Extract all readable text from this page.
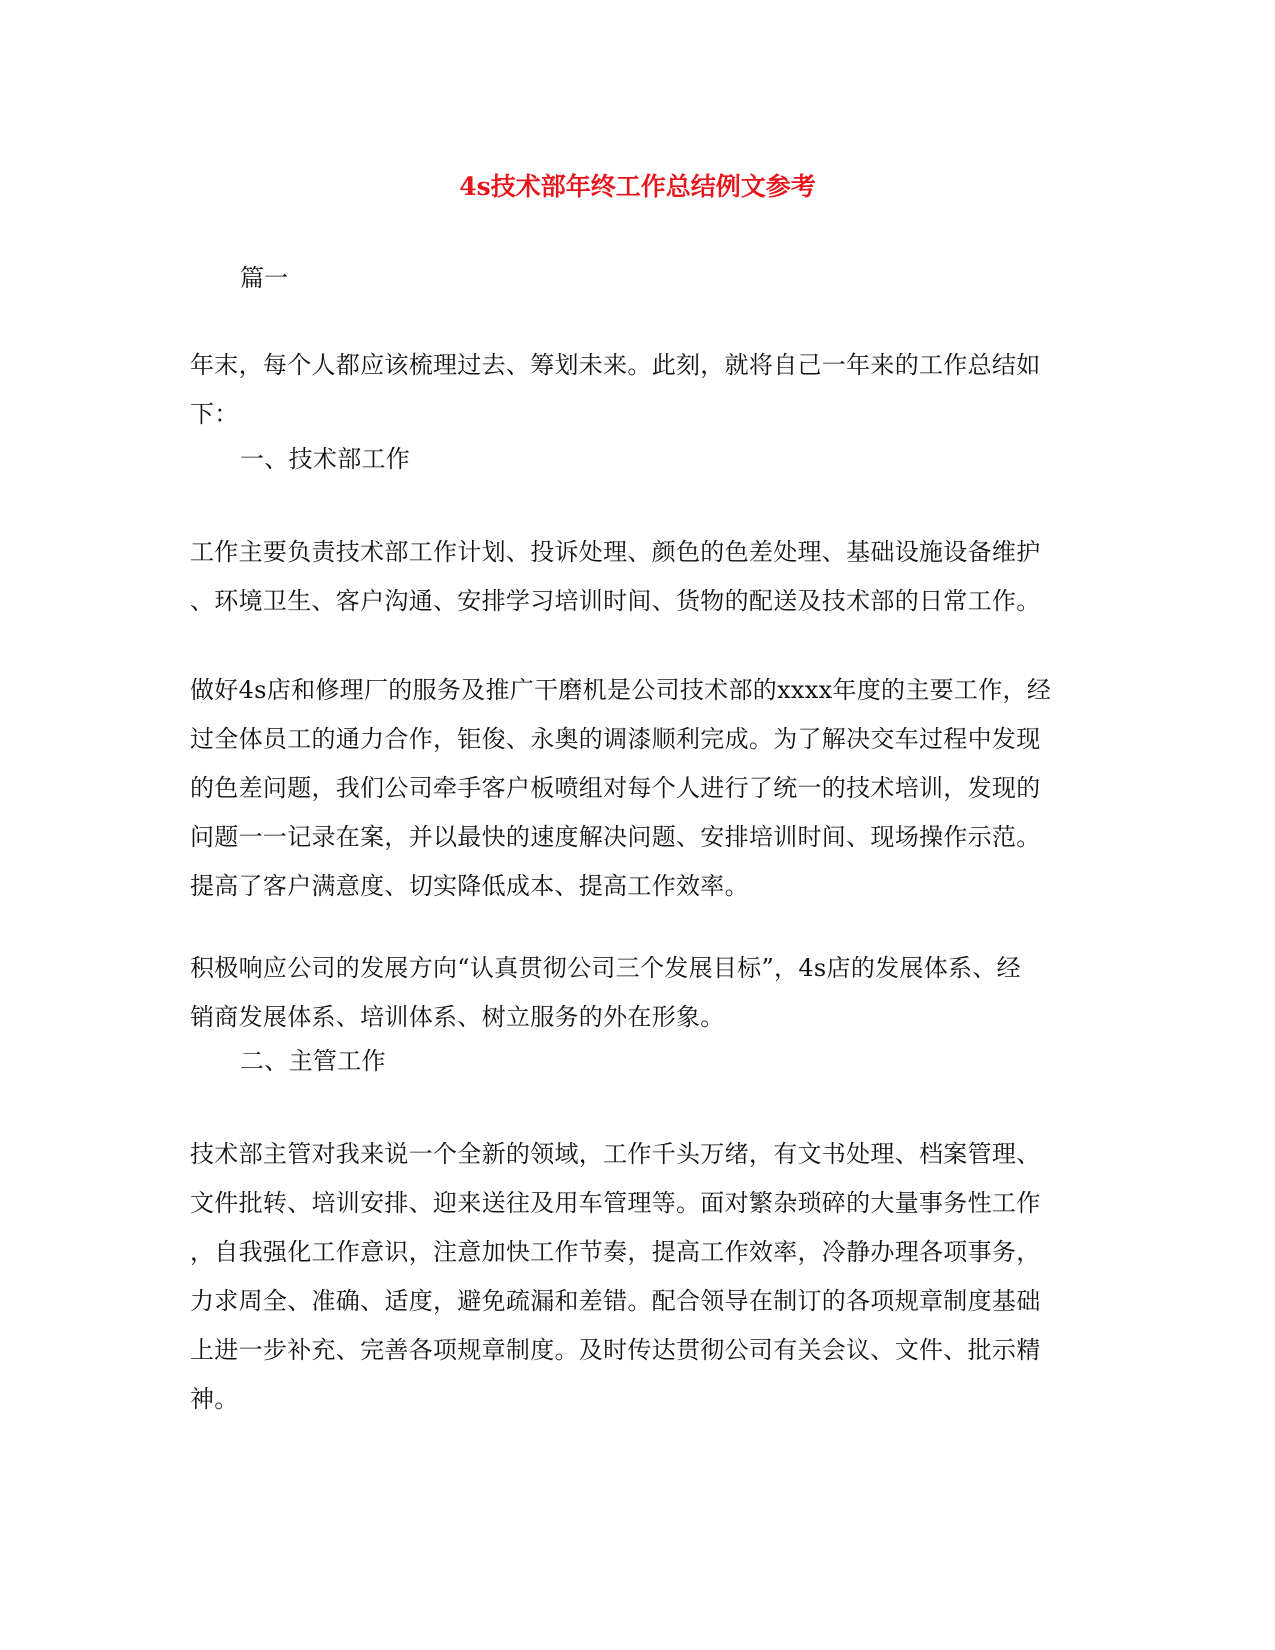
4s技术部年终工作总结例文参考
篇一
年末，每个人都应该梳理过去、筹划未来。此刻，就将自己一年来的工作总结如
下：
一、技术部工作
工作主要负责技术部工作计划、投诉处理、颜色的色差处理、基础设施设备维护
、环境卫生、客户沟通、安排学习培训时间、货物的配送及技术部的日常工作。
做好4s店和修理厂的服务及推广干磨机是公司技术部的xxxx年度的主要工作，经
过全体员工的通力合作，钜俊、永奥的调漆顺利完成。为了解决交车过程中发现
的色差问题，我们公司牵手客户板喷组对每个人进行了统一的技术培训，发现的
问题一一记录在案，并以最快的速度解决问题、安排培训时间、现场操作示范。
提高了客户满意度、切实降低成本、提高工作效率。
积极响应公司的发展方向“认真贯彻公司三个发展目标”，4s店的发展体系、经
销商发展体系、培训体系、树立服务的外在形象。
二、主管工作
技术部主管对我来说一个全新的领域，工作千头万绪，有文书处理、档案管理、
文件批转、培训安排、迎来送往及用车管理等。面对繁杂琐碎的大量事务性工作
，自我强化工作意识，注意加快工作节奏，提高工作效率，冷静办理各项事务，
力求周全、准确、适度，避免疏漏和差错。配合领导在制订的各项规章制度基础
上进一步补充、完善各项规章制度。及时传达贯彻公司有关会议、文件、批示精
神。
